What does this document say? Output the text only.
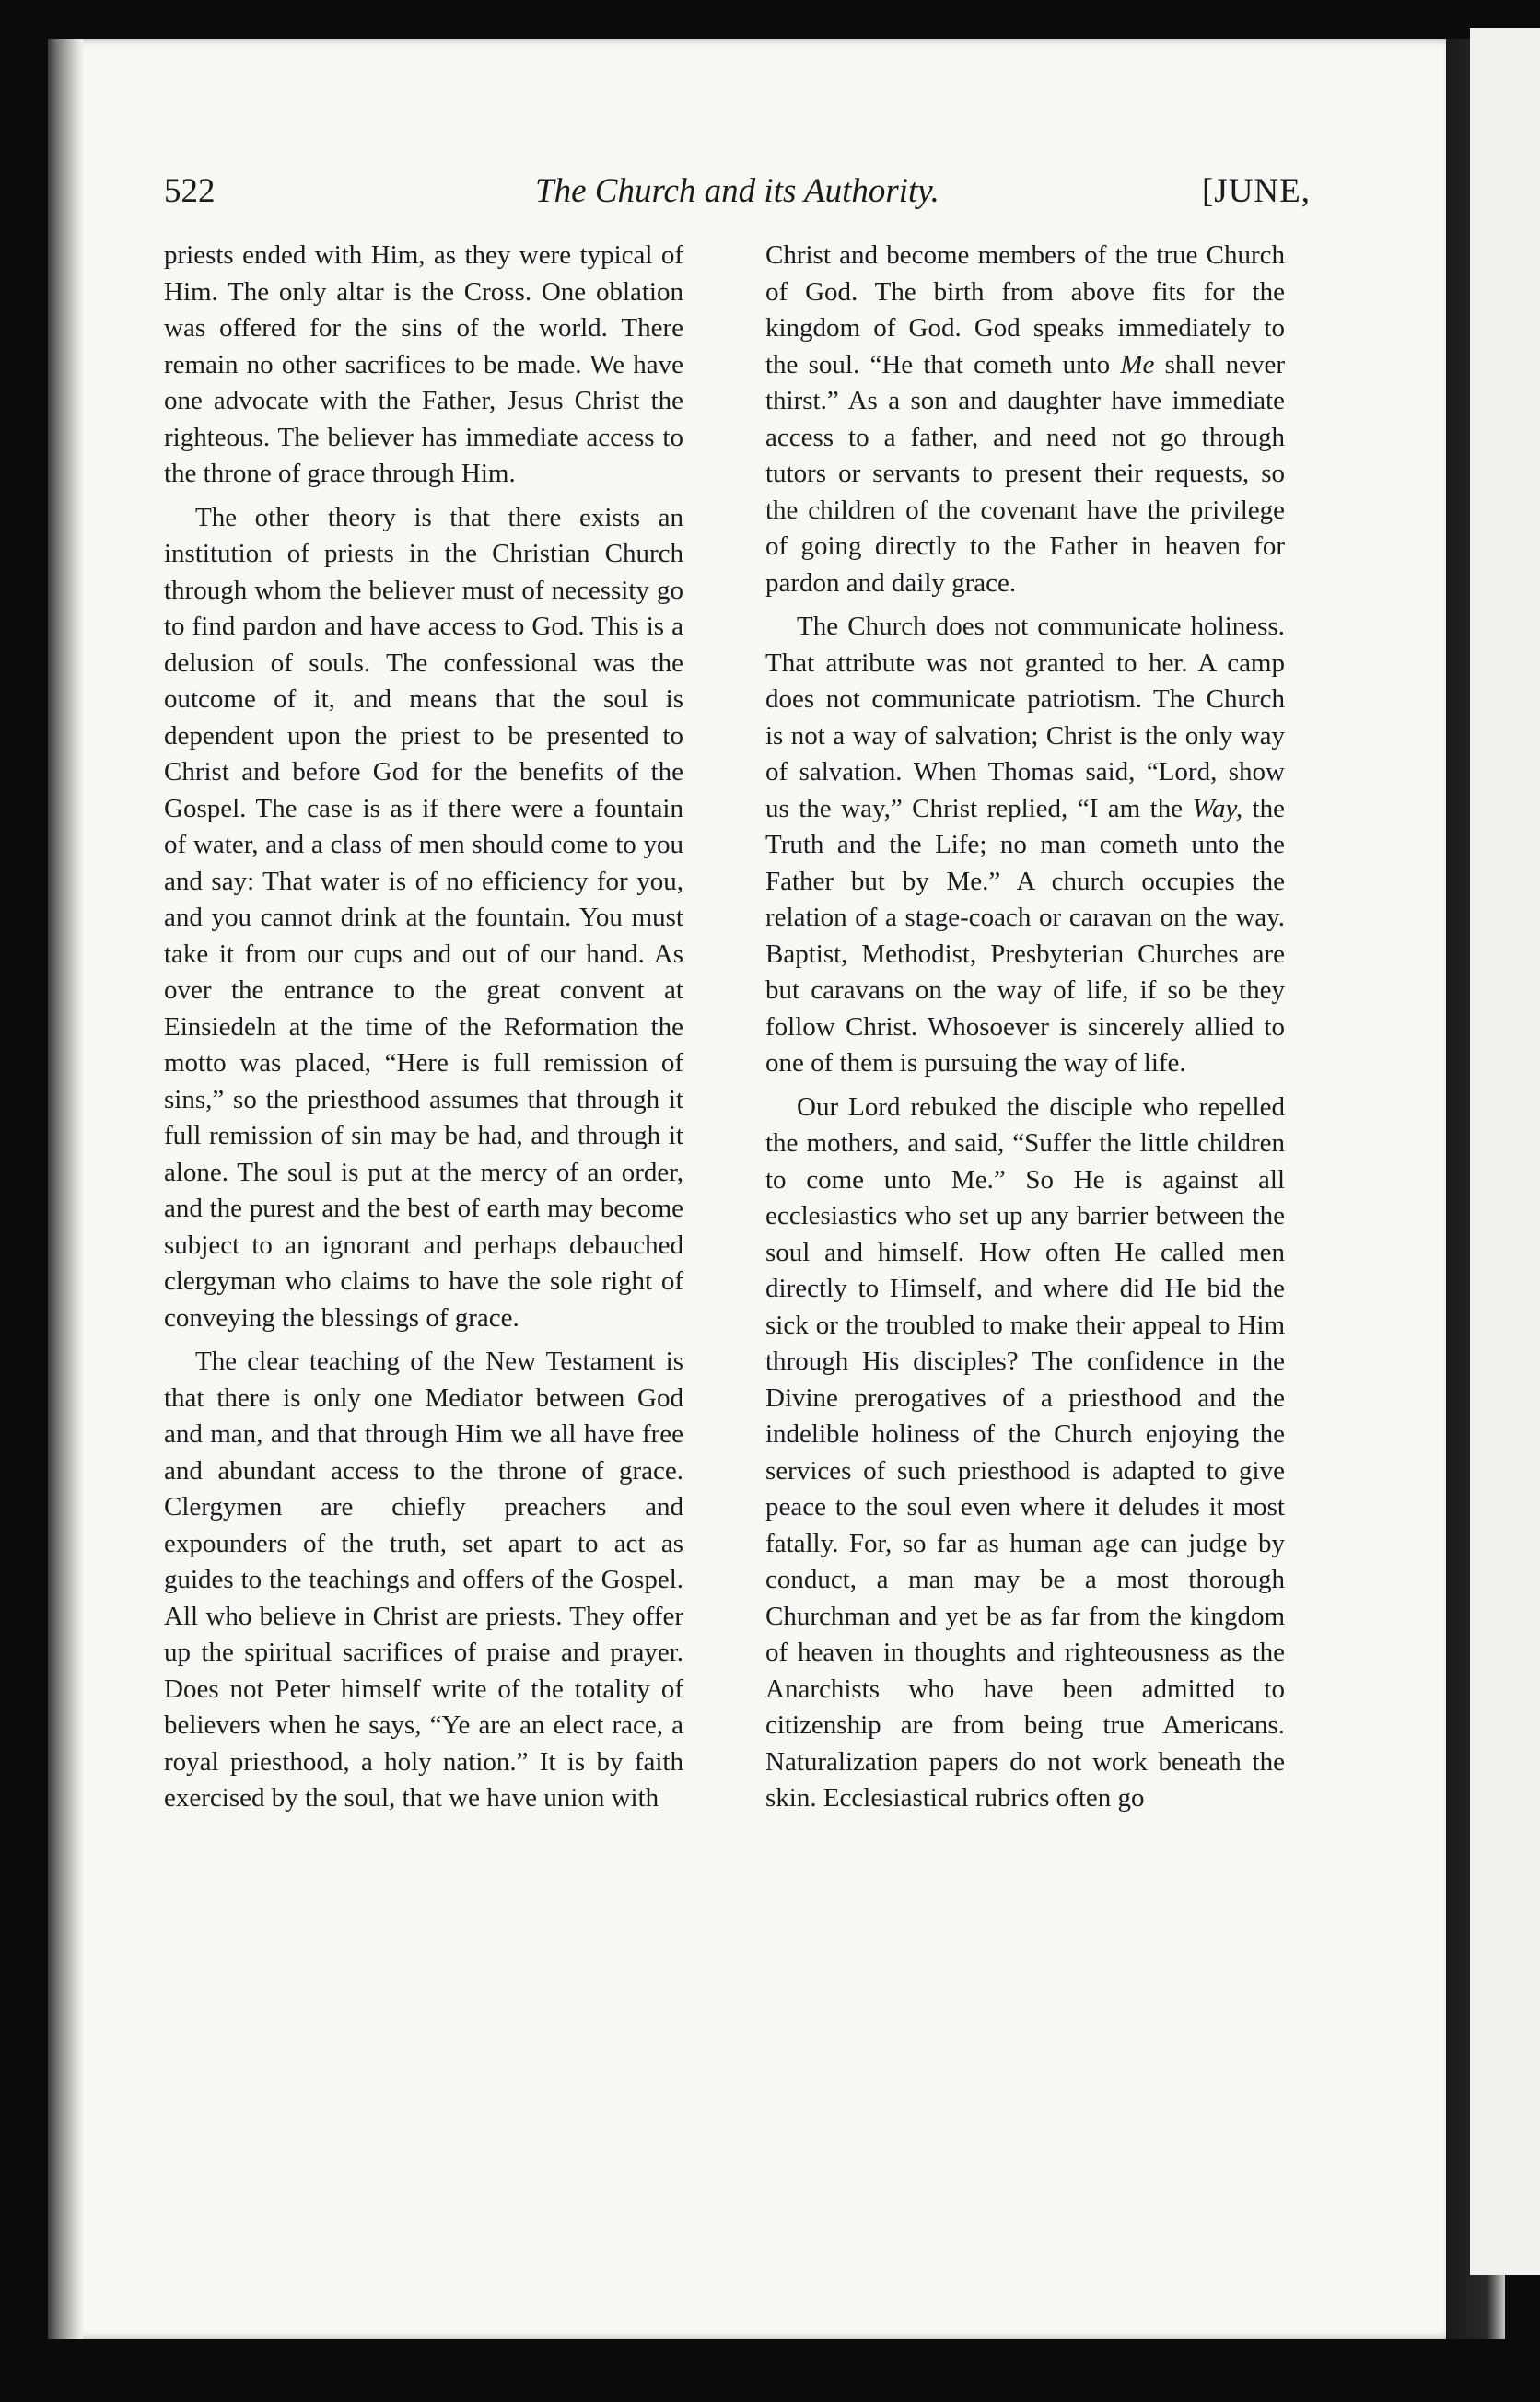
522	The Church and its Authority.	[JUNE,

priests ended with Him, as they were typical of Him. The only altar is the Cross. One oblation was offered for the sins of the world. There remain no other sacrifices to be made. We have one advocate with the Father, Jesus Christ the righteous. The believer has immediate access to the throne of grace through Him.

The other theory is that there exists an institution of priests in the Christian Church through whom the believer must of necessity go to find pardon and have access to God. This is a delusion of souls. The confessional was the outcome of it, and means that the soul is dependent upon the priest to be presented to Christ and before God for the benefits of the Gospel. The case is as if there were a fountain of water, and a class of men should come to you and say: That water is of no efficiency for you, and you cannot drink at the fountain. You must take it from our cups and out of our hand. As over the entrance to the great convent at Einsiedeln at the time of the Reformation the motto was placed, “Here is full remission of sins,” so the priesthood assumes that through it full remission of sin may be had, and through it alone. The soul is put at the mercy of an order, and the purest and the best of earth may become subject to an ignorant and perhaps debauched clergyman who claims to have the sole right of conveying the blessings of grace.

The clear teaching of the New Testament is that there is only one Mediator between God and man, and that through Him we all have free and abundant access to the throne of grace. Clergymen are chiefly preachers and expounders of the truth, set apart to act as guides to the teachings and offers of the Gospel. All who believe in Christ are priests. They offer up the spiritual sacrifices of praise and prayer. Does not Peter himself write of the totality of believers when he says, “Ye are an elect race, a royal priesthood, a holy nation.” It is by faith exercised by the soul, that we have union with

Christ and become members of the true Church of God. The birth from above fits for the kingdom of God. God speaks immediately to the soul. “He that cometh unto Me shall never thirst.” As a son and daughter have immediate access to a father, and need not go through tutors or servants to present their requests, so the children of the covenant have the privilege of going directly to the Father in heaven for pardon and daily grace.

The Church does not communicate holiness. That attribute was not granted to her. A camp does not communicate patriotism. The Church is not a way of salvation; Christ is the only way of salvation. When Thomas said, “Lord, show us the way,” Christ replied, “I am the Way, the Truth and the Life; no man cometh unto the Father but by Me.” A church occupies the relation of a stage-coach or caravan on the way. Baptist, Methodist, Presbyterian Churches are but caravans on the way of life, if so be they follow Christ. Whosoever is sincerely allied to one of them is pursuing the way of life.

Our Lord rebuked the disciple who repelled the mothers, and said, “Suffer the little children to come unto Me.” So He is against all ecclesiastics who set up any barrier between the soul and himself. How often He called men directly to Himself, and where did He bid the sick or the troubled to make their appeal to Him through His disciples? The confidence in the Divine prerogatives of a priesthood and the indelible holiness of the Church enjoying the services of such priesthood is adapted to give peace to the soul even where it deludes it most fatally. For, so far as human age can judge by conduct, a man may be a most thorough Churchman and yet be as far from the kingdom of heaven in thoughts and righteousness as the Anarchists who have been admitted to citizenship are from being true Americans. Naturalization papers do not work beneath the skin. Ecclesiastical rubrics often go
